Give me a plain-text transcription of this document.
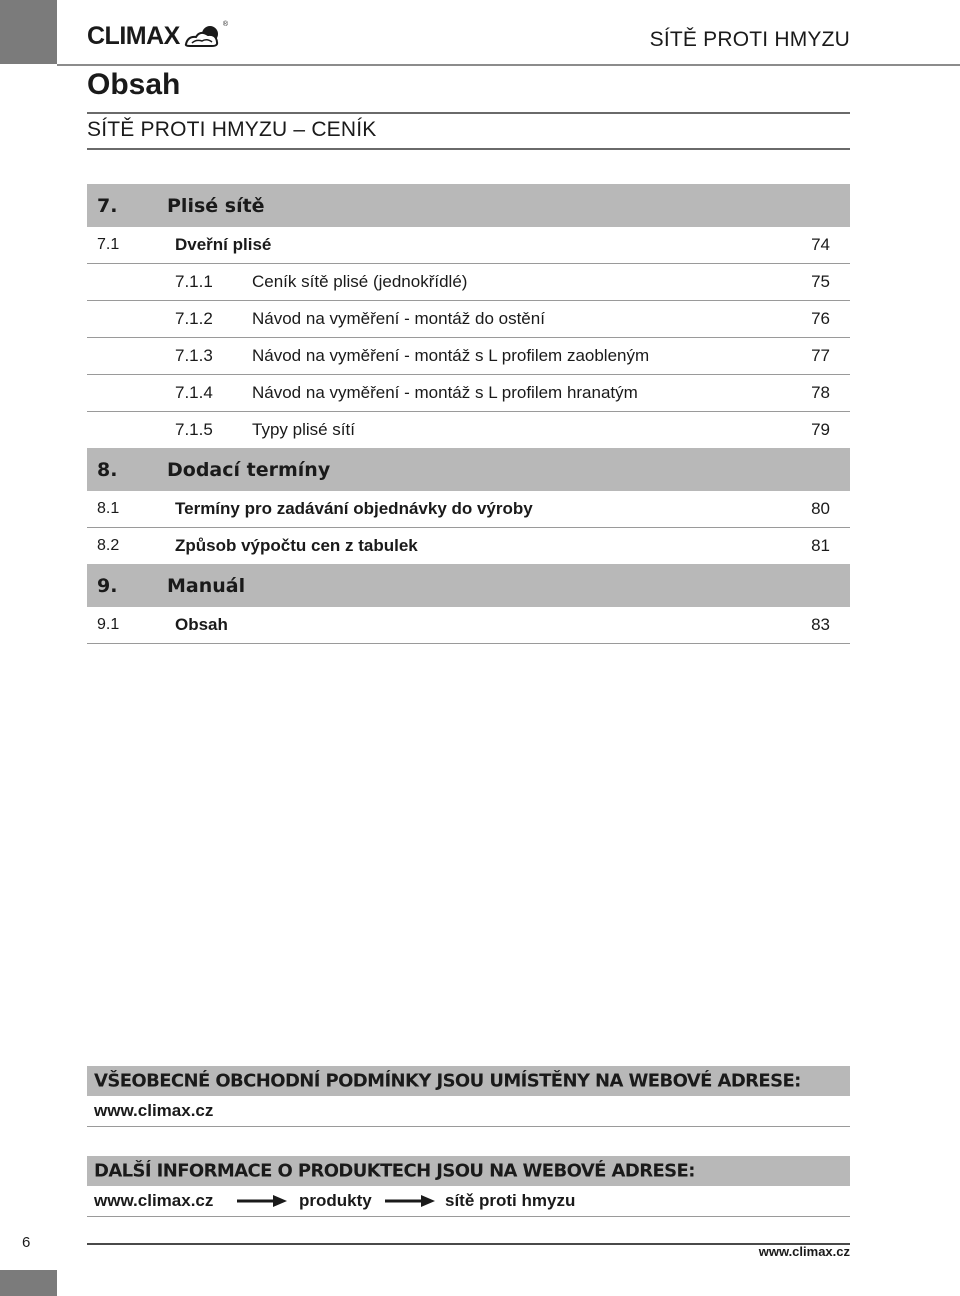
CLIMAX	®
SÍTĚ PROTI HMYZU
Obsah
SÍTĚ PROTI HMYZU – CENÍK
7.	Plisé sítě
7.1	Dveřní plisé	74
7.1.1 Ceník sítě plisé (jednokřídlé)	75
7.1.2 Návod na vyměření - montáž do ostění	76
7.1.3 Návod na vyměření - montáž s L profilem zaobleným	77
7.1.4 Návod na vyměření - montáž s L profilem hranatým	78
7.1.5 Typy plisé sítí	79
8.	Dodací termíny
8.1	Termíny pro zadávání objednávky do výroby	80
8.2	Způsob výpočtu cen z tabulek	81
9.	Manuál
9.1	Obsah	83
VŠEOBECNÉ OBCHODNÍ PODMÍNKY JSOU UMÍSTĚNY NA WEBOVÉ ADRESE:
www.climax.cz
DALŠÍ INFORMACE O PRODUKTECH JSOU NA WEBOVÉ ADRESE:
www.climax.cz	produkty	sítě proti hmyzu
6
www.climax.cz
